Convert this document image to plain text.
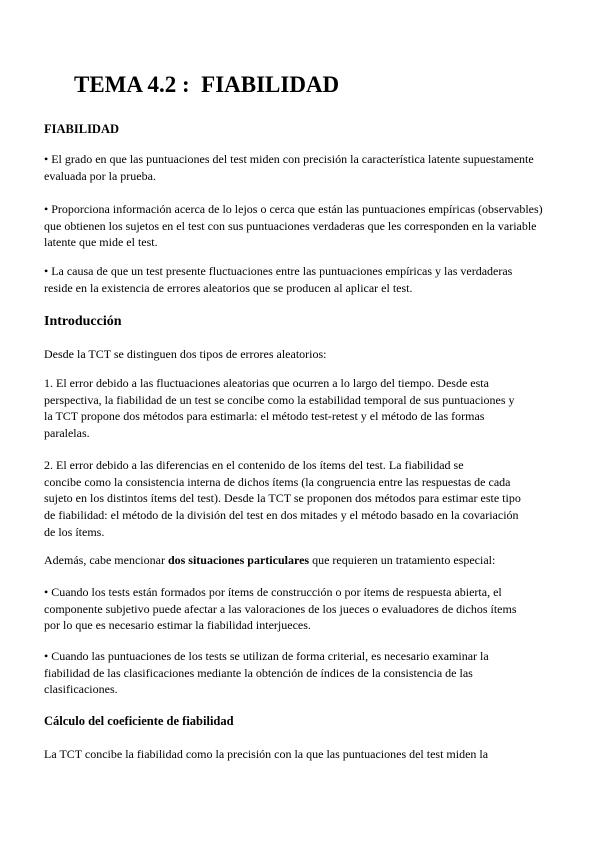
TEMA 4.2 :  FIABILIDAD
FIABILIDAD
• El grado en que las puntuaciones del test miden con precisión la característica latente supuestamente
evaluada por la prueba.
• Proporciona información acerca de lo lejos o cerca que están las puntuaciones empíricas (observables)
que obtienen los sujetos en el test con sus puntuaciones verdaderas que les corresponden en la variable
latente que mide el test.
• La causa de que un test presente fluctuaciones entre las puntuaciones empíricas y las verdaderas
reside en la existencia de errores aleatorios que se producen al aplicar el test.
Introducción
Desde la TCT se distinguen dos tipos de errores aleatorios:
1. El error debido a las fluctuaciones aleatorias que ocurren a lo largo del tiempo. Desde esta
perspectiva, la fiabilidad de un test se concibe como la estabilidad temporal de sus puntuaciones y
la TCT propone dos métodos para estimarla: el método test-retest y el método de las formas
paralelas.
2. El error debido a las diferencias en el contenido de los ítems del test. La fiabilidad se
concibe como la consistencia interna de dichos ítems (la congruencia entre las respuestas de cada
sujeto en los distintos ítems del test). Desde la TCT se proponen dos métodos para estimar este tipo
de fiabilidad: el método de la división del test en dos mitades y el método basado en la covariación
de los ítems.
Además, cabe mencionar dos situaciones particulares que requieren un tratamiento especial:
• Cuando los tests están formados por ítems de construcción o por ítems de respuesta abierta, el
componente subjetivo puede afectar a las valoraciones de los jueces o evaluadores de dichos ítems
por lo que es necesario estimar la fiabilidad interjueces.
• Cuando las puntuaciones de los tests se utilizan de forma criterial, es necesario examinar la
fiabilidad de las clasificaciones mediante la obtención de índices de la consistencia de las
clasificaciones.
Cálculo del coeficiente de fiabilidad
La TCT concibe la fiabilidad como la precisión con la que las puntuaciones del test miden la
